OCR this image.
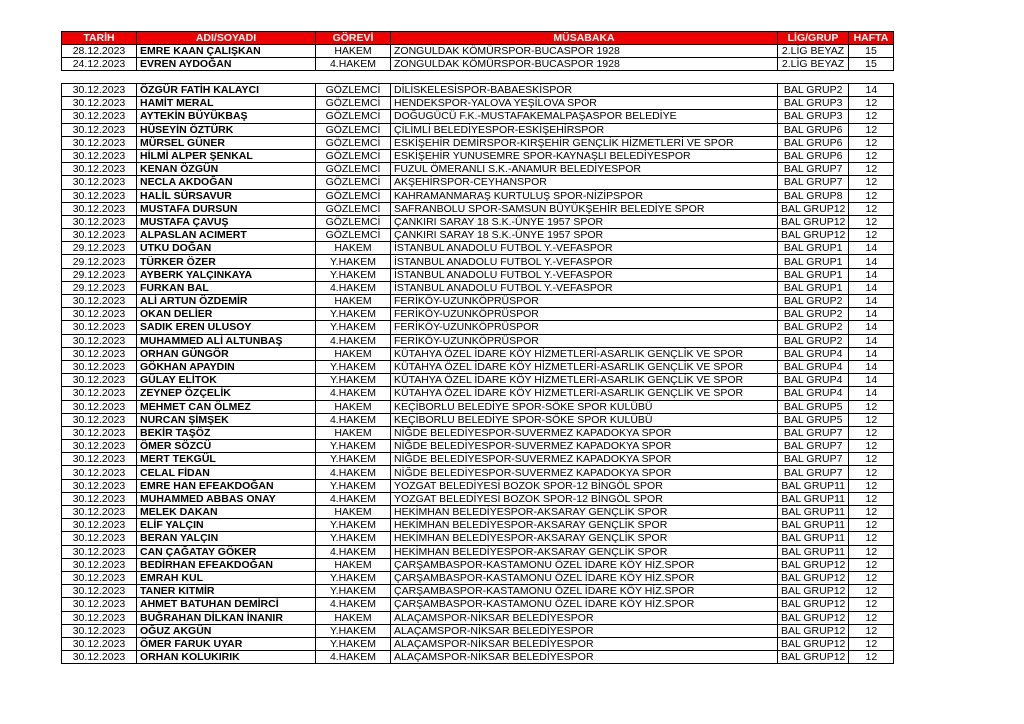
TARİH	ADI/SOYADI	GÖREVİ	MÜSABAKA	LİG/GRUP	HAFTA
28.12.2023	EMRE KAAN ÇALIŞKAN	HAKEM	ZONGULDAK KÖMÜRSPOR-BUCASPOR 1928	2.LİG BEYAZ	15
24.12.2023	EVREN AYDOĞAN	4.HAKEM	ZONGULDAK KÖMÜRSPOR-BUCASPOR 1928	2.LİG BEYAZ	15
30.12.2023	ÖZGÜR FATİH KALAYCI	GÖZLEMCİ	DİLİSKELESİSPOR-BABAESKİSPOR	BAL GRUP2	14
30.12.2023	HAMİT MERAL	GÖZLEMCİ	HENDEKSPOR-YALOVA YEŞİLOVA SPOR	BAL GRUP3	12
30.12.2023	AYTEKİN BÜYÜKBAŞ	GÖZLEMCİ	DOĞUGÜCÜ F.K.-MUSTAFAKEMALPAŞASPOR BELEDİYE	BAL GRUP3	12
30.12.2023	HÜSEYİN ÖZTÜRK	GÖZLEMCİ	ÇİLİMLİ BELEDİYESPOR-ESKİŞEHİRSPOR	BAL GRUP6	12
30.12.2023	MÜRSEL GÜNER	GÖZLEMCİ	ESKİŞEHİR DEMİRSPOR-KIRŞEHİR GENÇLİK HİZMETLERİ VE SPOR	BAL GRUP6	12
30.12.2023	HİLMİ ALPER ŞENKAL	GÖZLEMCİ	ESKİŞEHİR YUNUSEMRE SPOR-KAYNAŞLI BELEDİYESPOR	BAL GRUP6	12
30.12.2023	KENAN ÖZGÜN	GÖZLEMCİ	FUZUL ÖMERANLI S.K.-ANAMUR BELEDİYESPOR	BAL GRUP7	12
30.12.2023	NECLA AKDOĞAN	GÖZLEMCİ	AKŞEHİRSPOR-CEYHANSPOR	BAL GRUP7	12
30.12.2023	HALİL SÜRSAVUR	GÖZLEMCİ	KAHRAMANMARAŞ KURTULUŞ SPOR-NİZİPSPOR	BAL GRUP8	12
30.12.2023	MUSTAFA DURSUN	GÖZLEMCİ	SAFRANBOLU SPOR-SAMSUN BÜYÜKŞEHİR BELEDİYE SPOR	BAL GRUP12	12
30.12.2023	MUSTAFA ÇAVUŞ	GÖZLEMCİ	ÇANKIRI SARAY 18 S.K.-ÜNYE 1957 SPOR	BAL GRUP12	12
30.12.2023	ALPASLAN ACIMERT	GÖZLEMCİ	ÇANKIRI SARAY 18 S.K.-ÜNYE 1957 SPOR	BAL GRUP12	12
29.12.2023	UTKU DOĞAN	HAKEM	İSTANBUL ANADOLU FUTBOL Y.-VEFASPOR	BAL GRUP1	14
29.12.2023	TÜRKER ÖZER	Y.HAKEM	İSTANBUL ANADOLU FUTBOL Y.-VEFASPOR	BAL GRUP1	14
29.12.2023	AYBERK YALÇINKAYA	Y.HAKEM	İSTANBUL ANADOLU FUTBOL Y.-VEFASPOR	BAL GRUP1	14
29.12.2023	FURKAN BAL	4.HAKEM	İSTANBUL ANADOLU FUTBOL Y.-VEFASPOR	BAL GRUP1	14
30.12.2023	ALİ ARTUN ÖZDEMİR	HAKEM	FERİKÖY-UZUNKÖPRÜSPOR	BAL GRUP2	14
30.12.2023	OKAN DELİER	Y.HAKEM	FERİKÖY-UZUNKÖPRÜSPOR	BAL GRUP2	14
30.12.2023	SADIK EREN ULUSOY	Y.HAKEM	FERİKÖY-UZUNKÖPRÜSPOR	BAL GRUP2	14
30.12.2023	MUHAMMED ALİ ALTUNBAŞ	4.HAKEM	FERİKÖY-UZUNKÖPRÜSPOR	BAL GRUP2	14
30.12.2023	ORHAN GÜNGÖR	HAKEM	KÜTAHYA ÖZEL İDARE KÖY HİZMETLERİ-ASARLIK GENÇLİK VE SPOR	BAL GRUP4	14
30.12.2023	GÖKHAN APAYDIN	Y.HAKEM	KÜTAHYA ÖZEL İDARE KÖY HİZMETLERİ-ASARLIK GENÇLİK VE SPOR	BAL GRUP4	14
30.12.2023	GÜLAY ELİTOK	Y.HAKEM	KÜTAHYA ÖZEL İDARE KÖY HİZMETLERİ-ASARLIK GENÇLİK VE SPOR	BAL GRUP4	14
30.12.2023	ZEYNEP ÖZÇELİK	4.HAKEM	KÜTAHYA ÖZEL İDARE KÖY HİZMETLERİ-ASARLIK GENÇLİK VE SPOR	BAL GRUP4	14
30.12.2023	MEHMET CAN ÖLMEZ	HAKEM	KEÇİBORLU BELEDİYE SPOR-SÖKE SPOR KULÜBÜ	BAL GRUP5	12
30.12.2023	NURCAN ŞİMŞEK	4.HAKEM	KEÇİBORLU BELEDİYE SPOR-SÖKE SPOR KULÜBÜ	BAL GRUP5	12
30.12.2023	BEKİR TAŞÖZ	HAKEM	NİĞDE BELEDİYESPOR-SUVERMEZ KAPADOKYA SPOR	BAL GRUP7	12
30.12.2023	ÖMER SÖZCÜ	Y.HAKEM	NİĞDE BELEDİYESPOR-SUVERMEZ KAPADOKYA SPOR	BAL GRUP7	12
30.12.2023	MERT TEKGÜL	Y.HAKEM	NİĞDE BELEDİYESPOR-SUVERMEZ KAPADOKYA SPOR	BAL GRUP7	12
30.12.2023	CELAL FİDAN	4.HAKEM	NİĞDE BELEDİYESPOR-SUVERMEZ KAPADOKYA SPOR	BAL GRUP7	12
30.12.2023	EMRE HAN EFEAKDOĞAN	Y.HAKEM	YOZGAT BELEDİYESİ BOZOK SPOR-12 BİNGÖL SPOR	BAL GRUP11	12
30.12.2023	MUHAMMED ABBAS ONAY	4.HAKEM	YOZGAT BELEDİYESİ BOZOK SPOR-12 BİNGÖL SPOR	BAL GRUP11	12
30.12.2023	MELEK DAKAN	HAKEM	HEKİMHAN BELEDİYESPOR-AKSARAY GENÇLİK SPOR	BAL GRUP11	12
30.12.2023	ELİF YALÇIN	Y.HAKEM	HEKİMHAN BELEDİYESPOR-AKSARAY GENÇLİK SPOR	BAL GRUP11	12
30.12.2023	BERAN YALÇIN	Y.HAKEM	HEKİMHAN BELEDİYESPOR-AKSARAY GENÇLİK SPOR	BAL GRUP11	12
30.12.2023	CAN ÇAĞATAY GÖKER	4.HAKEM	HEKİMHAN BELEDİYESPOR-AKSARAY GENÇLİK SPOR	BAL GRUP11	12
30.12.2023	BEDİRHAN EFEAKDOĞAN	HAKEM	ÇARŞAMBASPOR-KASTAMONU ÖZEL İDARE KÖY HİZ.SPOR	BAL GRUP12	12
30.12.2023	EMRAH KUL	Y.HAKEM	ÇARŞAMBASPOR-KASTAMONU ÖZEL İDARE KÖY HİZ.SPOR	BAL GRUP12	12
30.12.2023	TANER KITMİR	Y.HAKEM	ÇARŞAMBASPOR-KASTAMONU ÖZEL İDARE KÖY HİZ.SPOR	BAL GRUP12	12
30.12.2023	AHMET BATUHAN DEMİRCİ	4.HAKEM	ÇARŞAMBASPOR-KASTAMONU ÖZEL İDARE KÖY HİZ.SPOR	BAL GRUP12	12
30.12.2023	BUĞRAHAN DİLKAN İNANIR	HAKEM	ALAÇAMSPOR-NİKSAR BELEDİYESPOR	BAL GRUP12	12
30.12.2023	OĞUZ AKGÜN	Y.HAKEM	ALAÇAMSPOR-NİKSAR BELEDİYESPOR	BAL GRUP12	12
30.12.2023	ÖMER FARUK UYAR	Y.HAKEM	ALAÇAMSPOR-NİKSAR BELEDİYESPOR	BAL GRUP12	12
30.12.2023	ORHAN KOLUKIRIK	4.HAKEM	ALAÇAMSPOR-NİKSAR BELEDİYESPOR	BAL GRUP12	12
